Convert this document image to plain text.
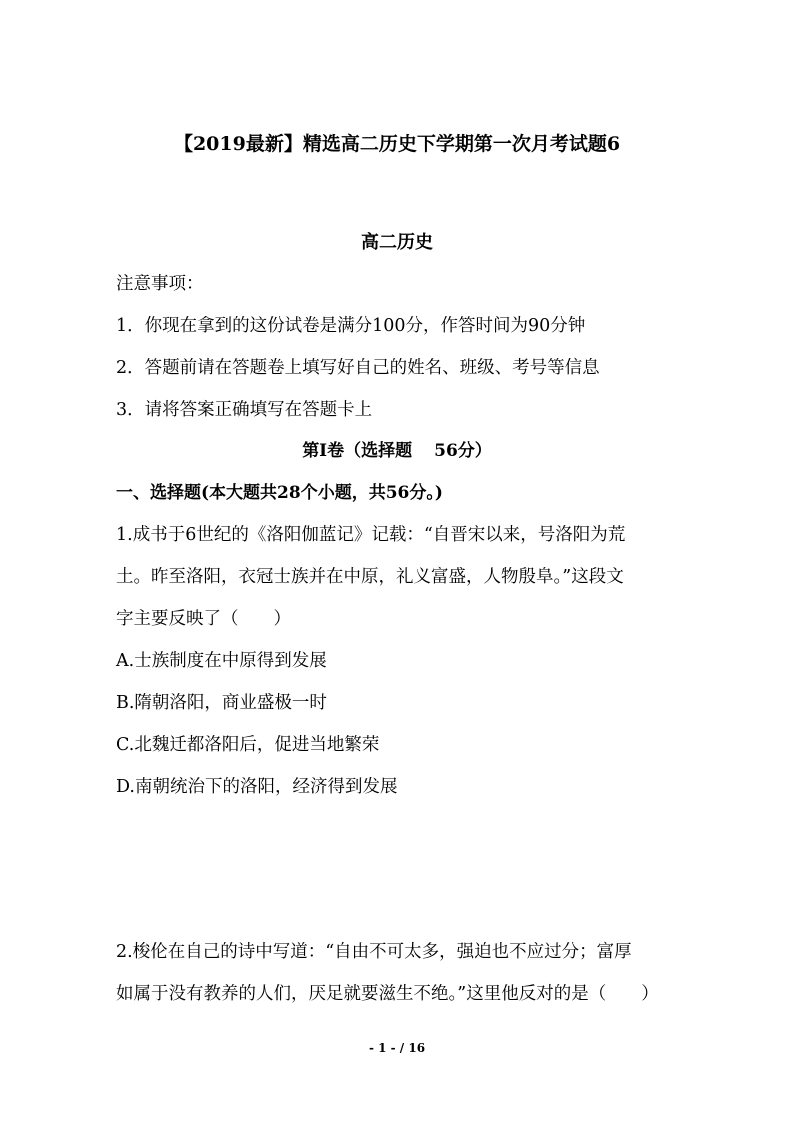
【2019最新】精选高二历史下学期第一次月考试题6
高二历史
注意事项：
1．你现在拿到的这份试卷是满分100分，作答时间为90分钟
2．答题前请在答题卷上填写好自己的姓名、班级、考号等信息
3．请将答案正确填写在答题卡上
第Ⅰ卷（选择题 56分）
一、选择题(本大题共28个小题，共56分。)
1.成书于6世纪的《洛阳伽蓝记》记载：“自晋宋以来，号洛阳为荒
土。昨至洛阳，衣冠士族并在中原，礼义富盛，人物殷阜。”这段文
字主要反映了（　　）
A.士族制度在中原得到发展
B.隋朝洛阳，商业盛极一时
C.北魏迁都洛阳后，促进当地繁荣
D.南朝统治下的洛阳，经济得到发展
2.梭伦在自己的诗中写道：“自由不可太多，强迫也不应过分；富厚
如属于没有教养的人们，厌足就要滋生不绝。”这里他反对的是（　　）
- 1 - / 16
